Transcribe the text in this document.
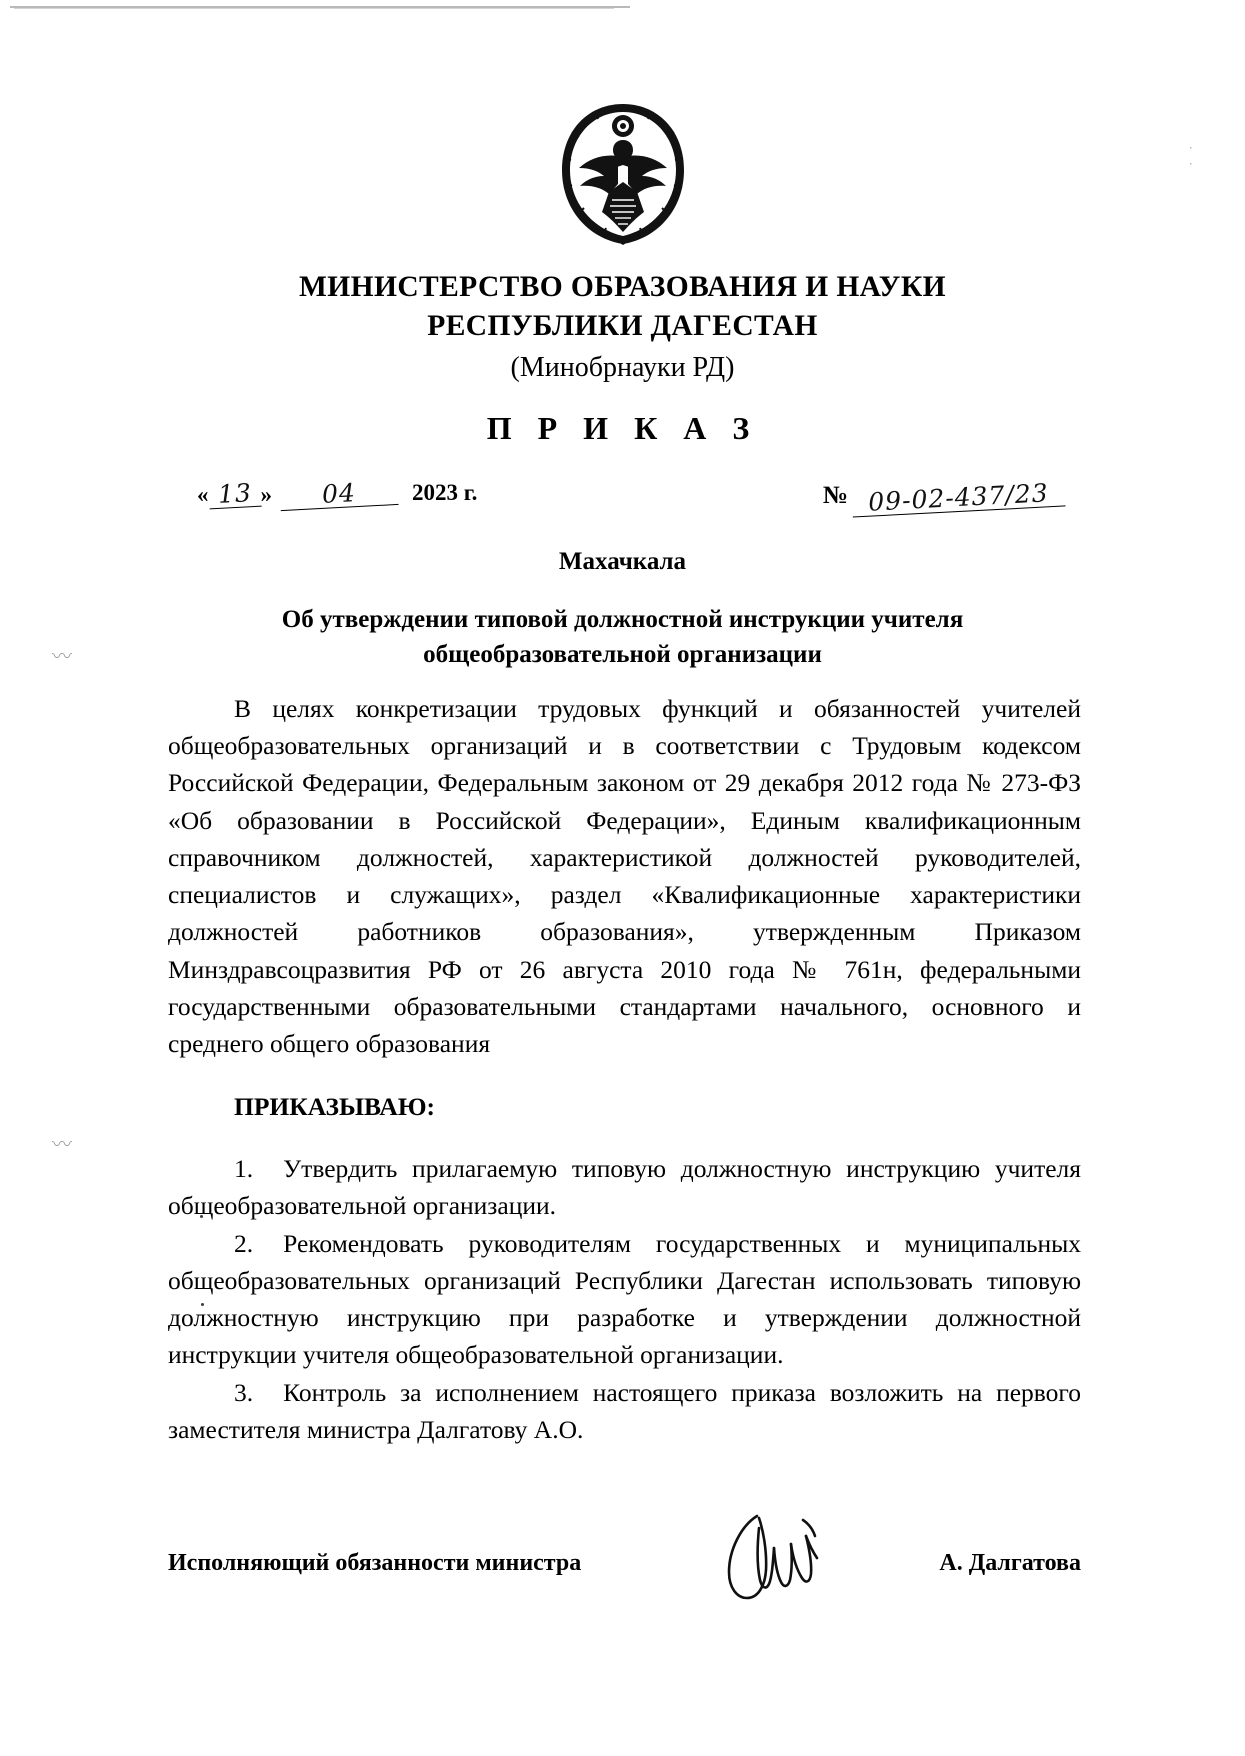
·
·
〰
〰
МИНИСТЕРСТВО ОБРАЗОВАНИЯ И НАУКИ
РЕСПУБЛИКИ ДАГЕСТАН
(Минобрнауки РД)
П Р И К А З
« 13 »	04	2023 г.	№ 09-02-437/23
Махачкала
Об утверждении типовой должностной инструкции учителя
общеобразовательной организации

В целях конкретизации трудовых функций и обязанностей учителей общеобразовательных организаций и в соответствии с Трудовым кодексом Российской Федерации, Федеральным законом от 29 декабря 2012 года № 273-ФЗ «Об образовании в Российской Федерации», Единым квалификационным справочником должностей, характеристикой должностей руководителей, специалистов и служащих», раздел «Квалификационные характеристики должностей работников образования», утвержденным Приказом Минздравсоцразвития РФ от 26 августа 2010 года № 761н, федеральными государственными образовательными стандартами начального, основного и среднего общего образования

ПРИКАЗЫВАЮ:

1. Утвердить прилагаемую типовую должностную инструкцию учителя общеобразовательной организации.

2. Рекомендовать руководителям государственных и муниципальных общеобразовательных организаций Республики Дагестан использовать типовую должностную инструкцию при разработке и утверждении должностной инструкции учителя общеобразовательной организации.

3. Контроль за исполнением настоящего приказа возложить на первого заместителя министра Далгатову А.О.

Исполняющий обязанности министра	А. Далгатова
